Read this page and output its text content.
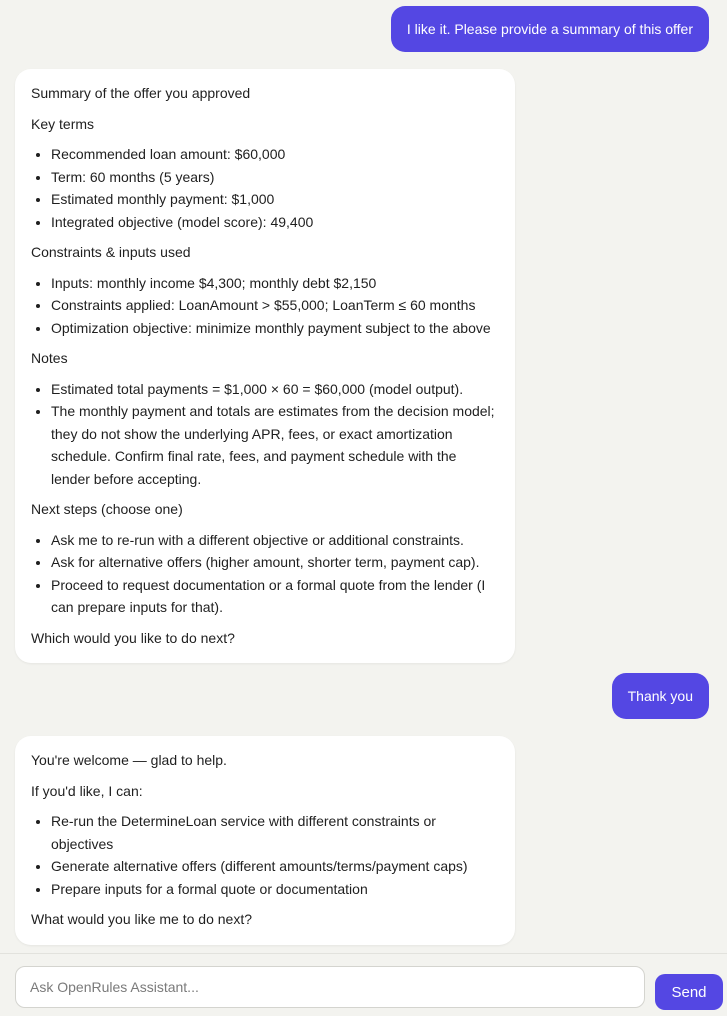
I like it. Please provide a summary of this offer

Summary of the offer you approved

Key terms

• Recommended loan amount: $60,000
• Term: 60 months (5 years)
• Estimated monthly payment: $1,000
• Integrated objective (model score): 49,400

Constraints & inputs used

• Inputs: monthly income $4,300; monthly debt $2,150
• Constraints applied: LoanAmount > $55,000; LoanTerm ≤ 60 months
• Optimization objective: minimize monthly payment subject to the above

Notes

• Estimated total payments = $1,000 × 60 = $60,000 (model output).
• The monthly payment and totals are estimates from the decision model; they do not show the underlying APR, fees, or exact amortization schedule. Confirm final rate, fees, and payment schedule with the lender before accepting.

Next steps (choose one)

• Ask me to re-run with a different objective or additional constraints.
• Ask for alternative offers (higher amount, shorter term, payment cap).
• Proceed to request documentation or a formal quote from the lender (I can prepare inputs for that).

Which would you like to do next?

Thank you

You're welcome — glad to help.

If you'd like, I can:

• Re-run the DetermineLoan service with different constraints or objectives
• Generate alternative offers (different amounts/terms/payment caps)
• Prepare inputs for a formal quote or documentation

What would you like me to do next?

Ask OpenRules Assistant...
Send
